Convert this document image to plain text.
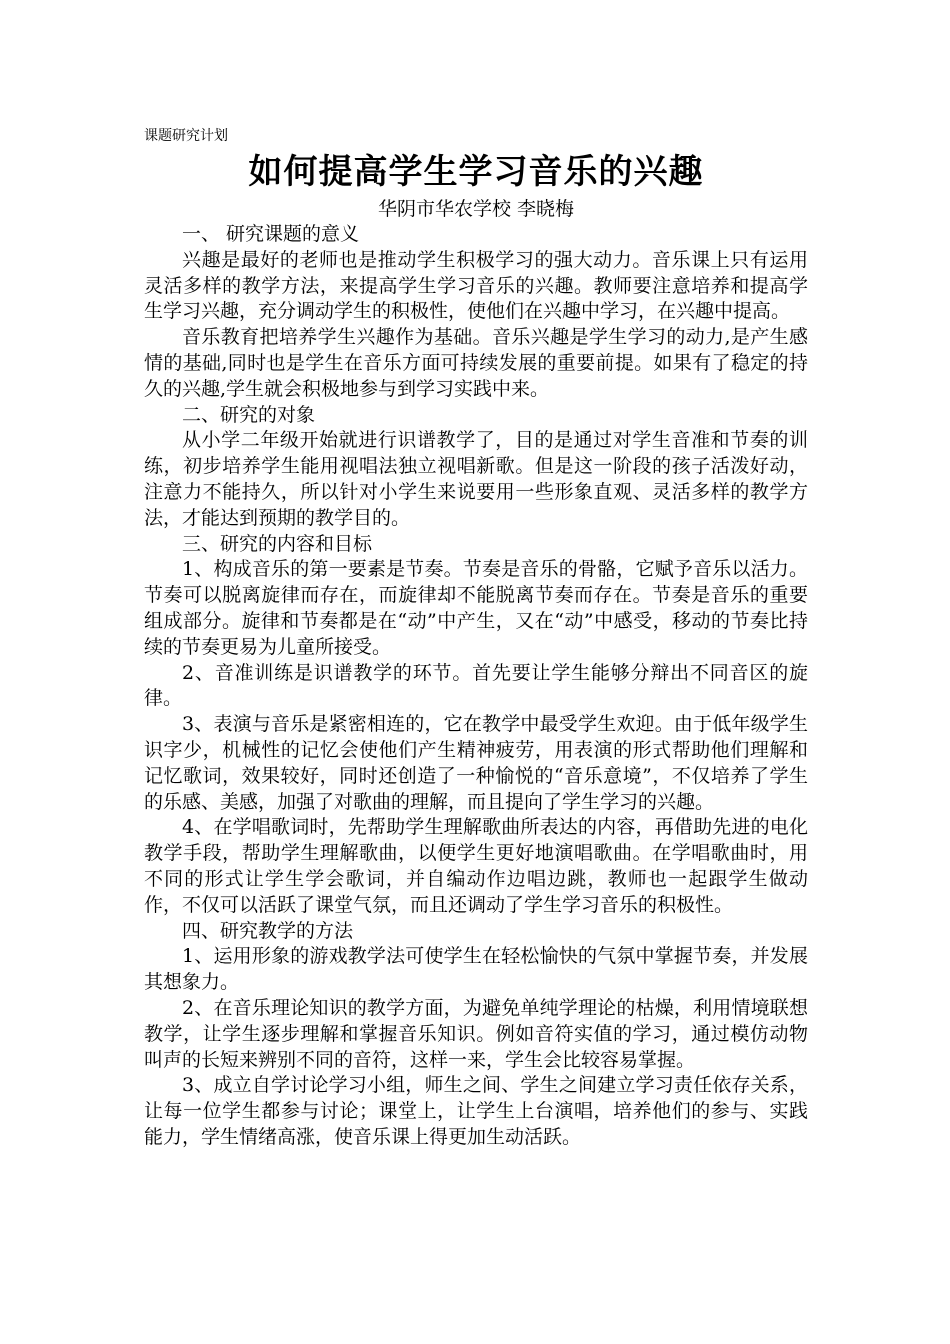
课题研究计划
如何提高学生学习音乐的兴趣

华阴市华农学校 李晓梅

一、 研究课题的意义

兴趣是最好的老师也是推动学生积极学习的强大动力。音乐课上只有运用灵活多样的教学方法，来提高学生学习音乐的兴趣。教师要注意培养和提高学生学习兴趣，充分调动学生的积极性，使他们在兴趣中学习，在兴趣中提高。

音乐教育把培养学生兴趣作为基础。音乐兴趣是学生学习的动力,是产生感情的基础,同时也是学生在音乐方面可持续发展的重要前提。如果有了稳定的持久的兴趣,学生就会积极地参与到学习实践中来。

二、研究的对象

从小学二年级开始就进行识谱教学了，目的是通过对学生音准和节奏的训练，初步培养学生能用视唱法独立视唱新歌。但是这一阶段的孩子活泼好动，注意力不能持久，所以针对小学生来说要用一些形象直观、灵活多样的教学方法，才能达到预期的教学目的。

三、研究的内容和目标

1、构成音乐的第一要素是节奏。节奏是音乐的骨骼，它赋予音乐以活力。节奏可以脱离旋律而存在，而旋律却不能脱离节奏而存在。节奏是音乐的重要组成部分。旋律和节奏都是在“动”中产生，又在“动”中感受，移动的节奏比持续的节奏更易为儿童所接受。

2、音准训练是识谱教学的环节。首先要让学生能够分辩出不同音区的旋律。

3、表演与音乐是紧密相连的，它在教学中最受学生欢迎。由于低年级学生识字少，机械性的记忆会使他们产生精神疲劳，用表演的形式帮助他们理解和记忆歌词，效果较好，同时还创造了一种愉悦的“音乐意境”，不仅培养了学生的乐感、美感，加强了对歌曲的理解，而且提向了学生学习的兴趣。

4、在学唱歌词时，先帮助学生理解歌曲所表达的内容，再借助先进的电化教学手段，帮助学生理解歌曲，以便学生更好地演唱歌曲。在学唱歌曲时，用不同的形式让学生学会歌词，并自编动作边唱边跳，教师也一起跟学生做动作，不仅可以活跃了课堂气氛，而且还调动了学生学习音乐的积极性。

四、研究教学的方法

1、运用形象的游戏教学法可使学生在轻松愉快的气氛中掌握节奏，并发展其想象力。

2、在音乐理论知识的教学方面，为避免单纯学理论的枯燥，利用情境联想教学，让学生逐步理解和掌握音乐知识。例如音符实值的学习，通过模仿动物叫声的长短来辨别不同的音符，这样一来，学生会比较容易掌握。

3、成立自学讨论学习小组，师生之间、学生之间建立学习责任依存关系，让每一位学生都参与讨论；课堂上，让学生上台演唱，培养他们的参与、实践能力，学生情绪高涨，使音乐课上得更加生动活跃。
